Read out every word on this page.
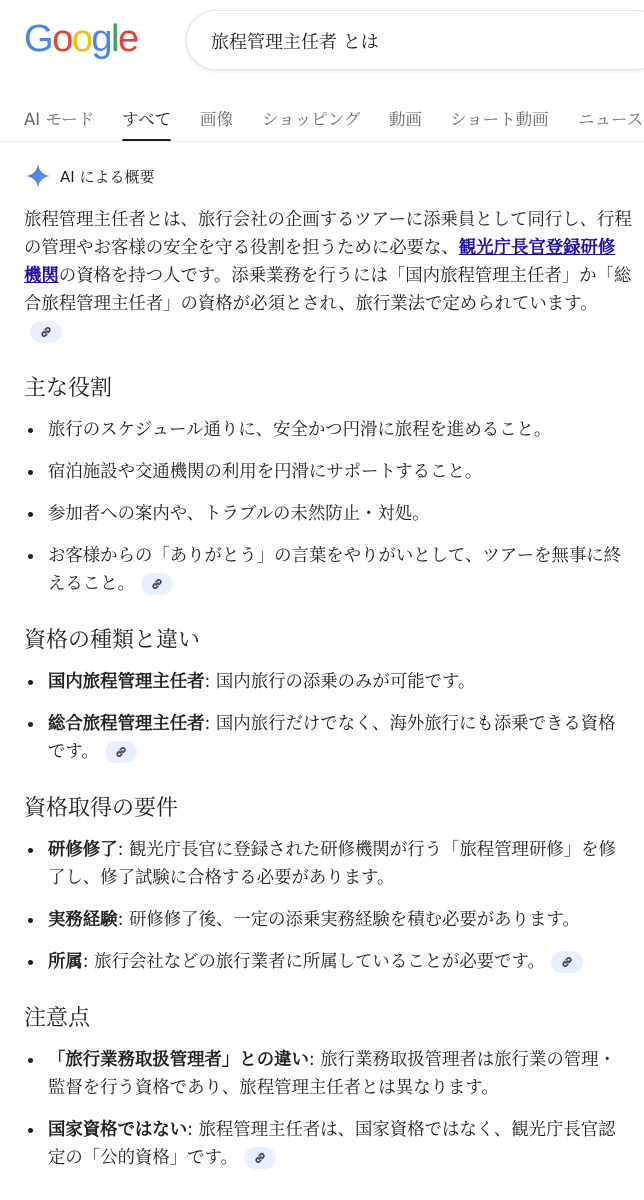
Google	旅程管理主任者 とは
AI モード すべて 画像 ショッピング 動画 ショート動画 ニュース
AI による概要

旅程管理主任者とは、旅行会社の企画するツアーに添乗員として同行し、行程の管理やお客様の安全を守る役割を担うために必要な、観光庁長官登録研修機関の資格を持つ人です。添乗業務を行うには「国内旅程管理主任者」か「総合旅程管理主任者」の資格が必須とされ、旅行業法で定められています。

主な役割
旅行のスケジュール通りに、安全かつ円滑に旅程を進めること。
宿泊施設や交通機関の利用を円滑にサポートすること。
参加者への案内や、トラブルの未然防止・対処。
お客様からの「ありがとう」の言葉をやりがいとして、ツアーを無事に終えること。
資格の種類と違い
国内旅程管理主任者: 国内旅行の添乗のみが可能です。
総合旅程管理主任者: 国内旅行だけでなく、海外旅行にも添乗できる資格です。
資格取得の要件
研修修了: 観光庁長官に登録された研修機関が行う「旅程管理研修」を修了し、修了試験に合格する必要があります。
実務経験: 研修修了後、一定の添乗実務経験を積む必要があります。
所属: 旅行会社などの旅行業者に所属していることが必要です。
注意点
「旅行業務取扱管理者」との違い: 旅行業務取扱管理者は旅行業の管理・監督を行う資格であり、旅程管理主任者とは異なります。
国家資格ではない: 旅程管理主任者は、国家資格ではなく、観光庁長官認定の「公的資格」です。
